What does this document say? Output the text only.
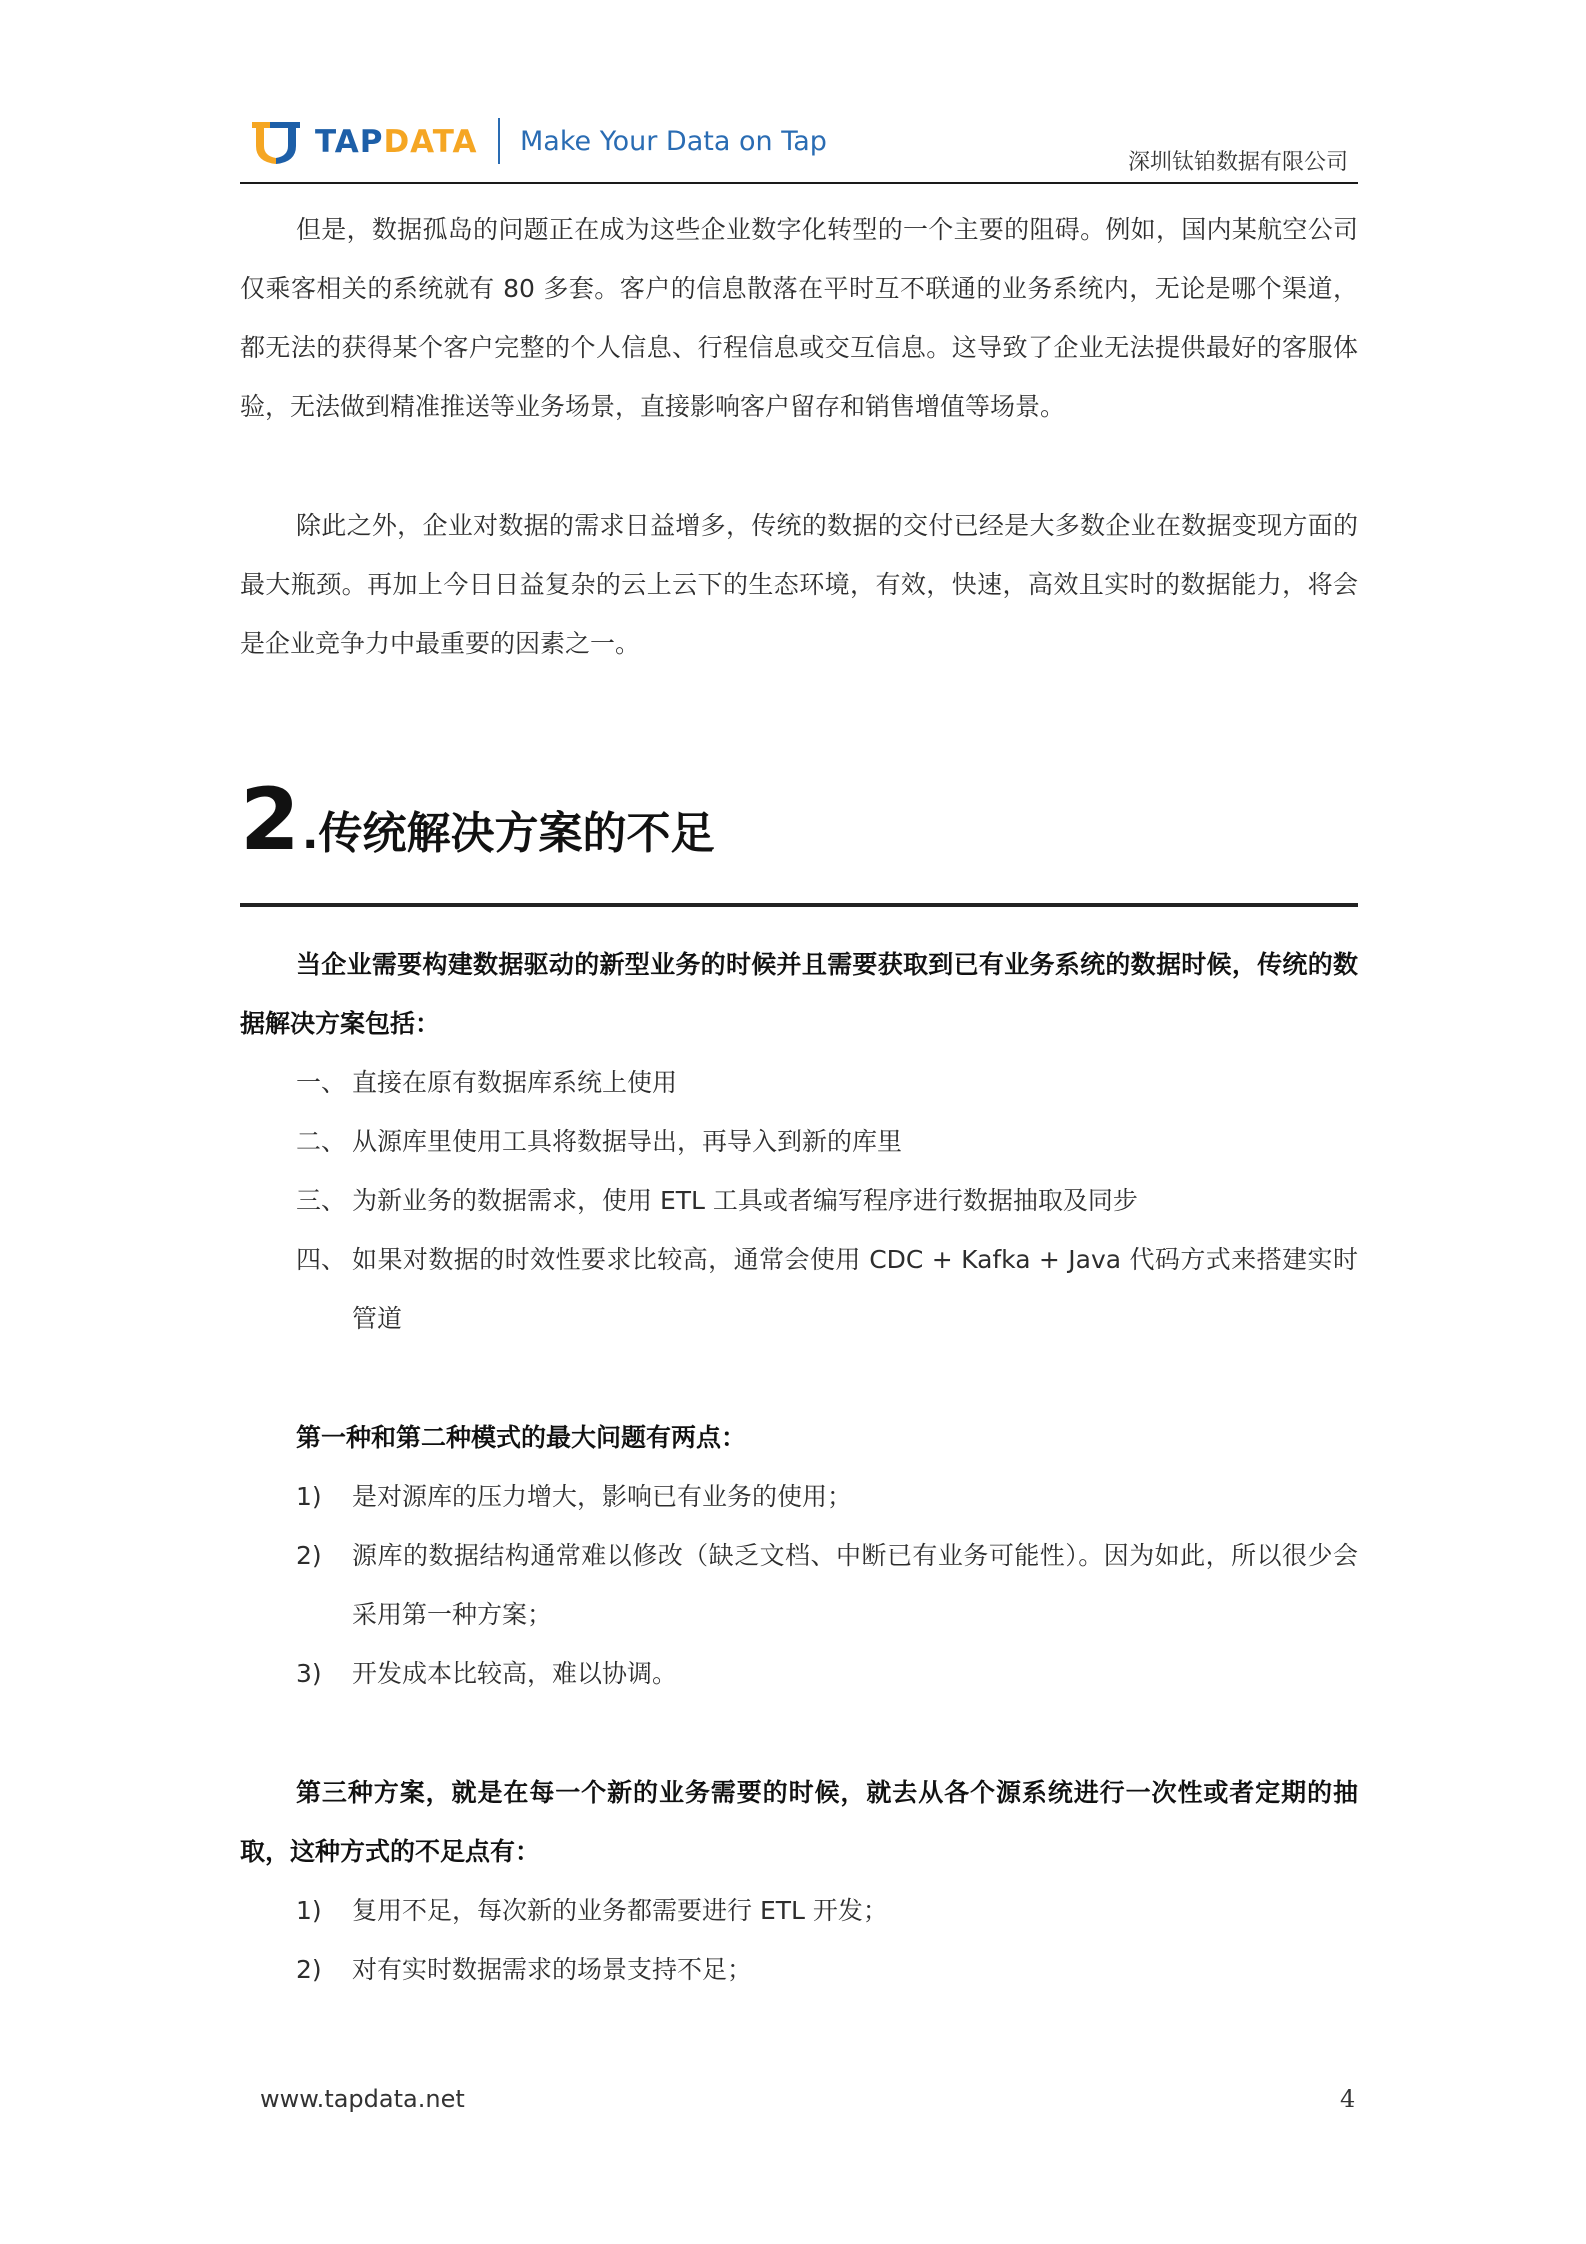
TAPDATA Make Your Data on Tap
深圳钛铂数据有限公司

但是，数据孤岛的问题正在成为这些企业数字化转型的一个主要的阻碍。例如，国内某航空公司仅乘客相关的系统就有 80 多套。客户的信息散落在平时互不联通的业务系统内，无论是哪个渠道，都无法的获得某个客户完整的个人信息、行程信息或交互信息。这导致了企业无法提供最好的客服体验，无法做到精准推送等业务场景，直接影响客户留存和销售增值等场景。

除此之外，企业对数据的需求日益增多，传统的数据的交付已经是大多数企业在数据变现方面的最大瓶颈。再加上今日日益复杂的云上云下的生态环境，有效，快速，高效且实时的数据能力，将会是企业竞争力中最重要的因素之一。

2 .传统解决方案的不足

当企业需要构建数据驱动的新型业务的时候并且需要获取到已有业务系统的数据时候，传统的数据解决方案包括：

一、 直接在原有数据库系统上使用
二、 从源库里使用工具将数据导出，再导入到新的库里
三、 为新业务的数据需求，使用 ETL 工具或者编写程序进行数据抽取及同步
四、 如果对数据的时效性要求比较高，通常会使用 CDC + Kafka + Java 代码方式来搭建实时管道

第一种和第二种模式的最大问题有两点：

1)	是对源库的压力增大，影响已有业务的使用；
2)	源库的数据结构通常难以修改（缺乏文档、中断已有业务可能性）。因为如此，所以很少会采用第一种方案；
3)	开发成本比较高，难以协调。

第三种方案，就是在每一个新的业务需要的时候，就去从各个源系统进行一次性或者定期的抽取，这种方式的不足点有：

1)	复用不足，每次新的业务都需要进行 ETL 开发；
2)	对有实时数据需求的场景支持不足；
www.tapdata.net	4
